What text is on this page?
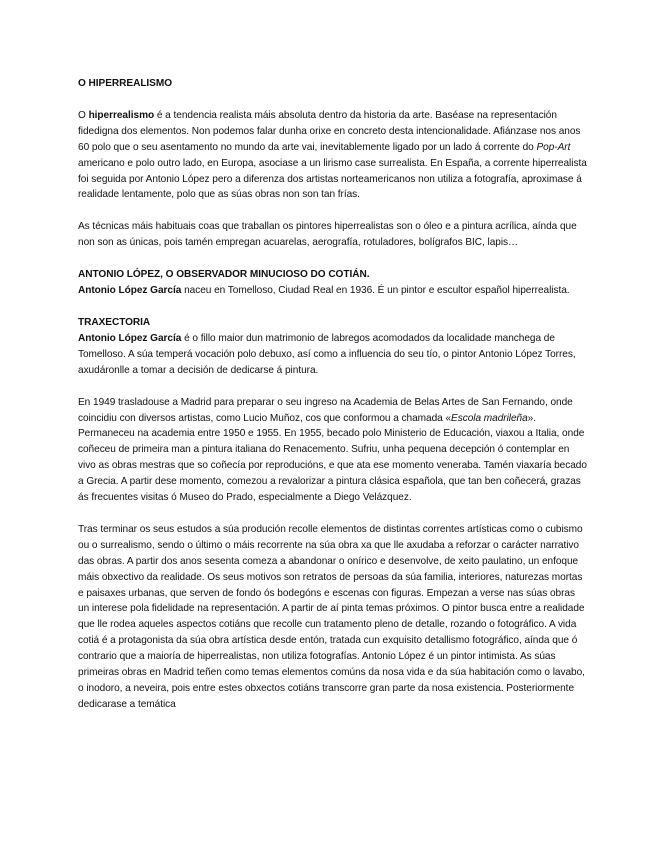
O HIPERREALISMO

O hiperrealismo é a tendencia realista máis absoluta dentro da historia da arte. Baséase na representación fidedigna dos elementos. Non podemos falar dunha orixe en concreto desta intencionalidade. Afiánzase nos anos 60 polo que o seu asentamento no mundo da arte vai, inevitablemente ligado por un lado á corrente do Pop-Art americano e polo outro lado, en Europa, asociase a un lirismo case surrealista. En España, a corrente hiperrealista foi seguida por Antonio López pero a diferenza dos artistas norteamericanos non utiliza a fotografía, aproximase á realidade lentamente, polo que as súas obras non son tan frías.

As técnicas máis habituais coas que traballan os pintores hiperrealistas son o óleo e a pintura acrílica, aínda que non son as únicas, pois tamén empregan acuarelas, aerografía, rotuladores, bolígrafos BIC, lapis…

ANTONIO LÓPEZ, O OBSERVADOR MINUCIOSO DO COTIÁN.

Antonio López García naceu en Tomelloso, Ciudad Real en 1936. É un pintor e escultor español hiperrealista.

TRAXECTORIA

Antonio López García é o fillo maior dun matrimonio de labregos acomodados da localidade manchega de Tomelloso. A súa temperá vocación polo debuxo, así como a influencia do seu tío, o pintor Antonio López Torres, axudáronlle a tomar a decisión de dedicarse á pintura.

En 1949 trasladouse a Madrid para preparar o seu ingreso na Academia de Belas Artes de San Fernando, onde coincidiu con diversos artistas, como Lucio Muñoz, cos que conformou a chamada «Escola madrileña». Permaneceu na academia entre 1950 e 1955. En 1955, becado polo Ministerio de Educación, viaxou a Italia, onde coñeceu de primeira man a pintura italiana do Renacemento. Sufriu, unha pequena decepción ó contemplar en vivo as obras mestras que so coñecía por reproducións, e que ata ese momento veneraba. Tamén viaxaría becado a Grecia. A partir dese momento, comezou a revalorizar a pintura clásica española, que tan ben coñecerá, grazas ás frecuentes visitas ó Museo do Prado, especialmente a Diego Velázquez.

Tras terminar os seus estudos a súa produción recolle elementos de distintas correntes artísticas como o cubismo ou o surrealismo, sendo o último o máis recorrente na súa obra xa que lle axudaba a reforzar o carácter narrativo das obras. A partir dos anos sesenta comeza a abandonar o onírico e desenvolve, de xeito paulatino, un enfoque máis obxectivo da realidade. Os seus motivos son retratos de persoas da súa familia, interiores, naturezas mortas e paisaxes urbanas, que serven de fondo ós bodegóns e escenas con figuras. Empezan a verse nas súas obras un interese pola fidelidade na representación. A partir de aí pinta temas próximos. O pintor busca entre a realidade que lle rodea aqueles aspectos cotiáns que recolle cun tratamento pleno de detalle, rozando o fotográfico. A vida cotiá é a protagonista da súa obra artística desde entón, tratada cun exquisito detallismo fotográfico, aínda que ó contrario que a maioría de hiperrealistas, non utiliza fotografías. Antonio López é un pintor intimista. As súas primeiras obras en Madrid teñen como temas elementos comúns da nosa vida e da súa habitación como o lavabo, o inodoro, a neveira, pois entre estes obxectos cotiáns transcorre gran parte da nosa existencia. Posteriormente dedicarase a temática
